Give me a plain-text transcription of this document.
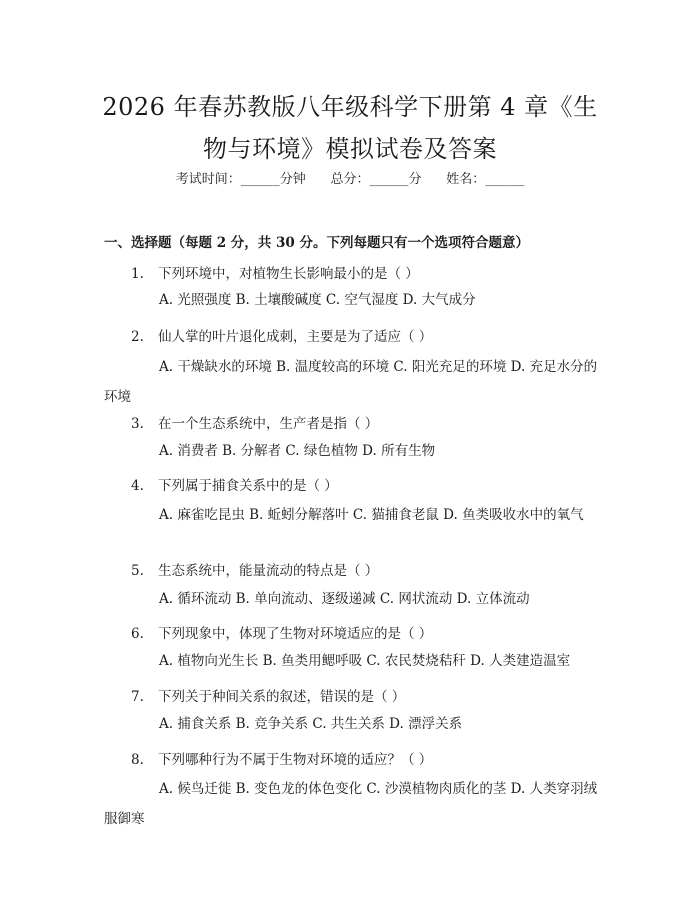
2026 年春苏教版八年级科学下册第 4 章《生
物与环境》模拟试卷及答案
考试时间：______分钟      总分：______分      姓名：______
一、选择题（每题 2 分，共 30 分。下列每题只有一个选项符合题意）
1. 下列环境中，对植物生长影响最小的是（ ）
A. 光照强度 B. 土壤酸碱度 C. 空气湿度 D. 大气成分
2. 仙人掌的叶片退化成刺，主要是为了适应（ ）
A. 干燥缺水的环境 B. 温度较高的环境 C. 阳光充足的环境 D. 充足水分的环境
3. 在一个生态系统中，生产者是指（ ）
A. 消费者 B. 分解者 C. 绿色植物 D. 所有生物
4. 下列属于捕食关系中的是（ ）
A. 麻雀吃昆虫 B. 蚯蚓分解落叶 C. 猫捕食老鼠 D. 鱼类吸收水中的氧气
5. 生态系统中，能量流动的特点是（ ）
A. 循环流动 B. 单向流动、逐级递减 C. 网状流动 D. 立体流动
6. 下列现象中，体现了生物对环境适应的是（ ）
A. 植物向光生长 B. 鱼类用鳃呼吸 C. 农民焚烧秸秆 D. 人类建造温室
7. 下列关于种间关系的叙述，错误的是（ ）
A. 捕食关系 B. 竞争关系 C. 共生关系 D. 漂浮关系
8. 下列哪种行为不属于生物对环境的适应？（ ）
A. 候鸟迁徙 B. 变色龙的体色变化 C. 沙漠植物肉质化的茎 D. 人类穿羽绒服御寒
